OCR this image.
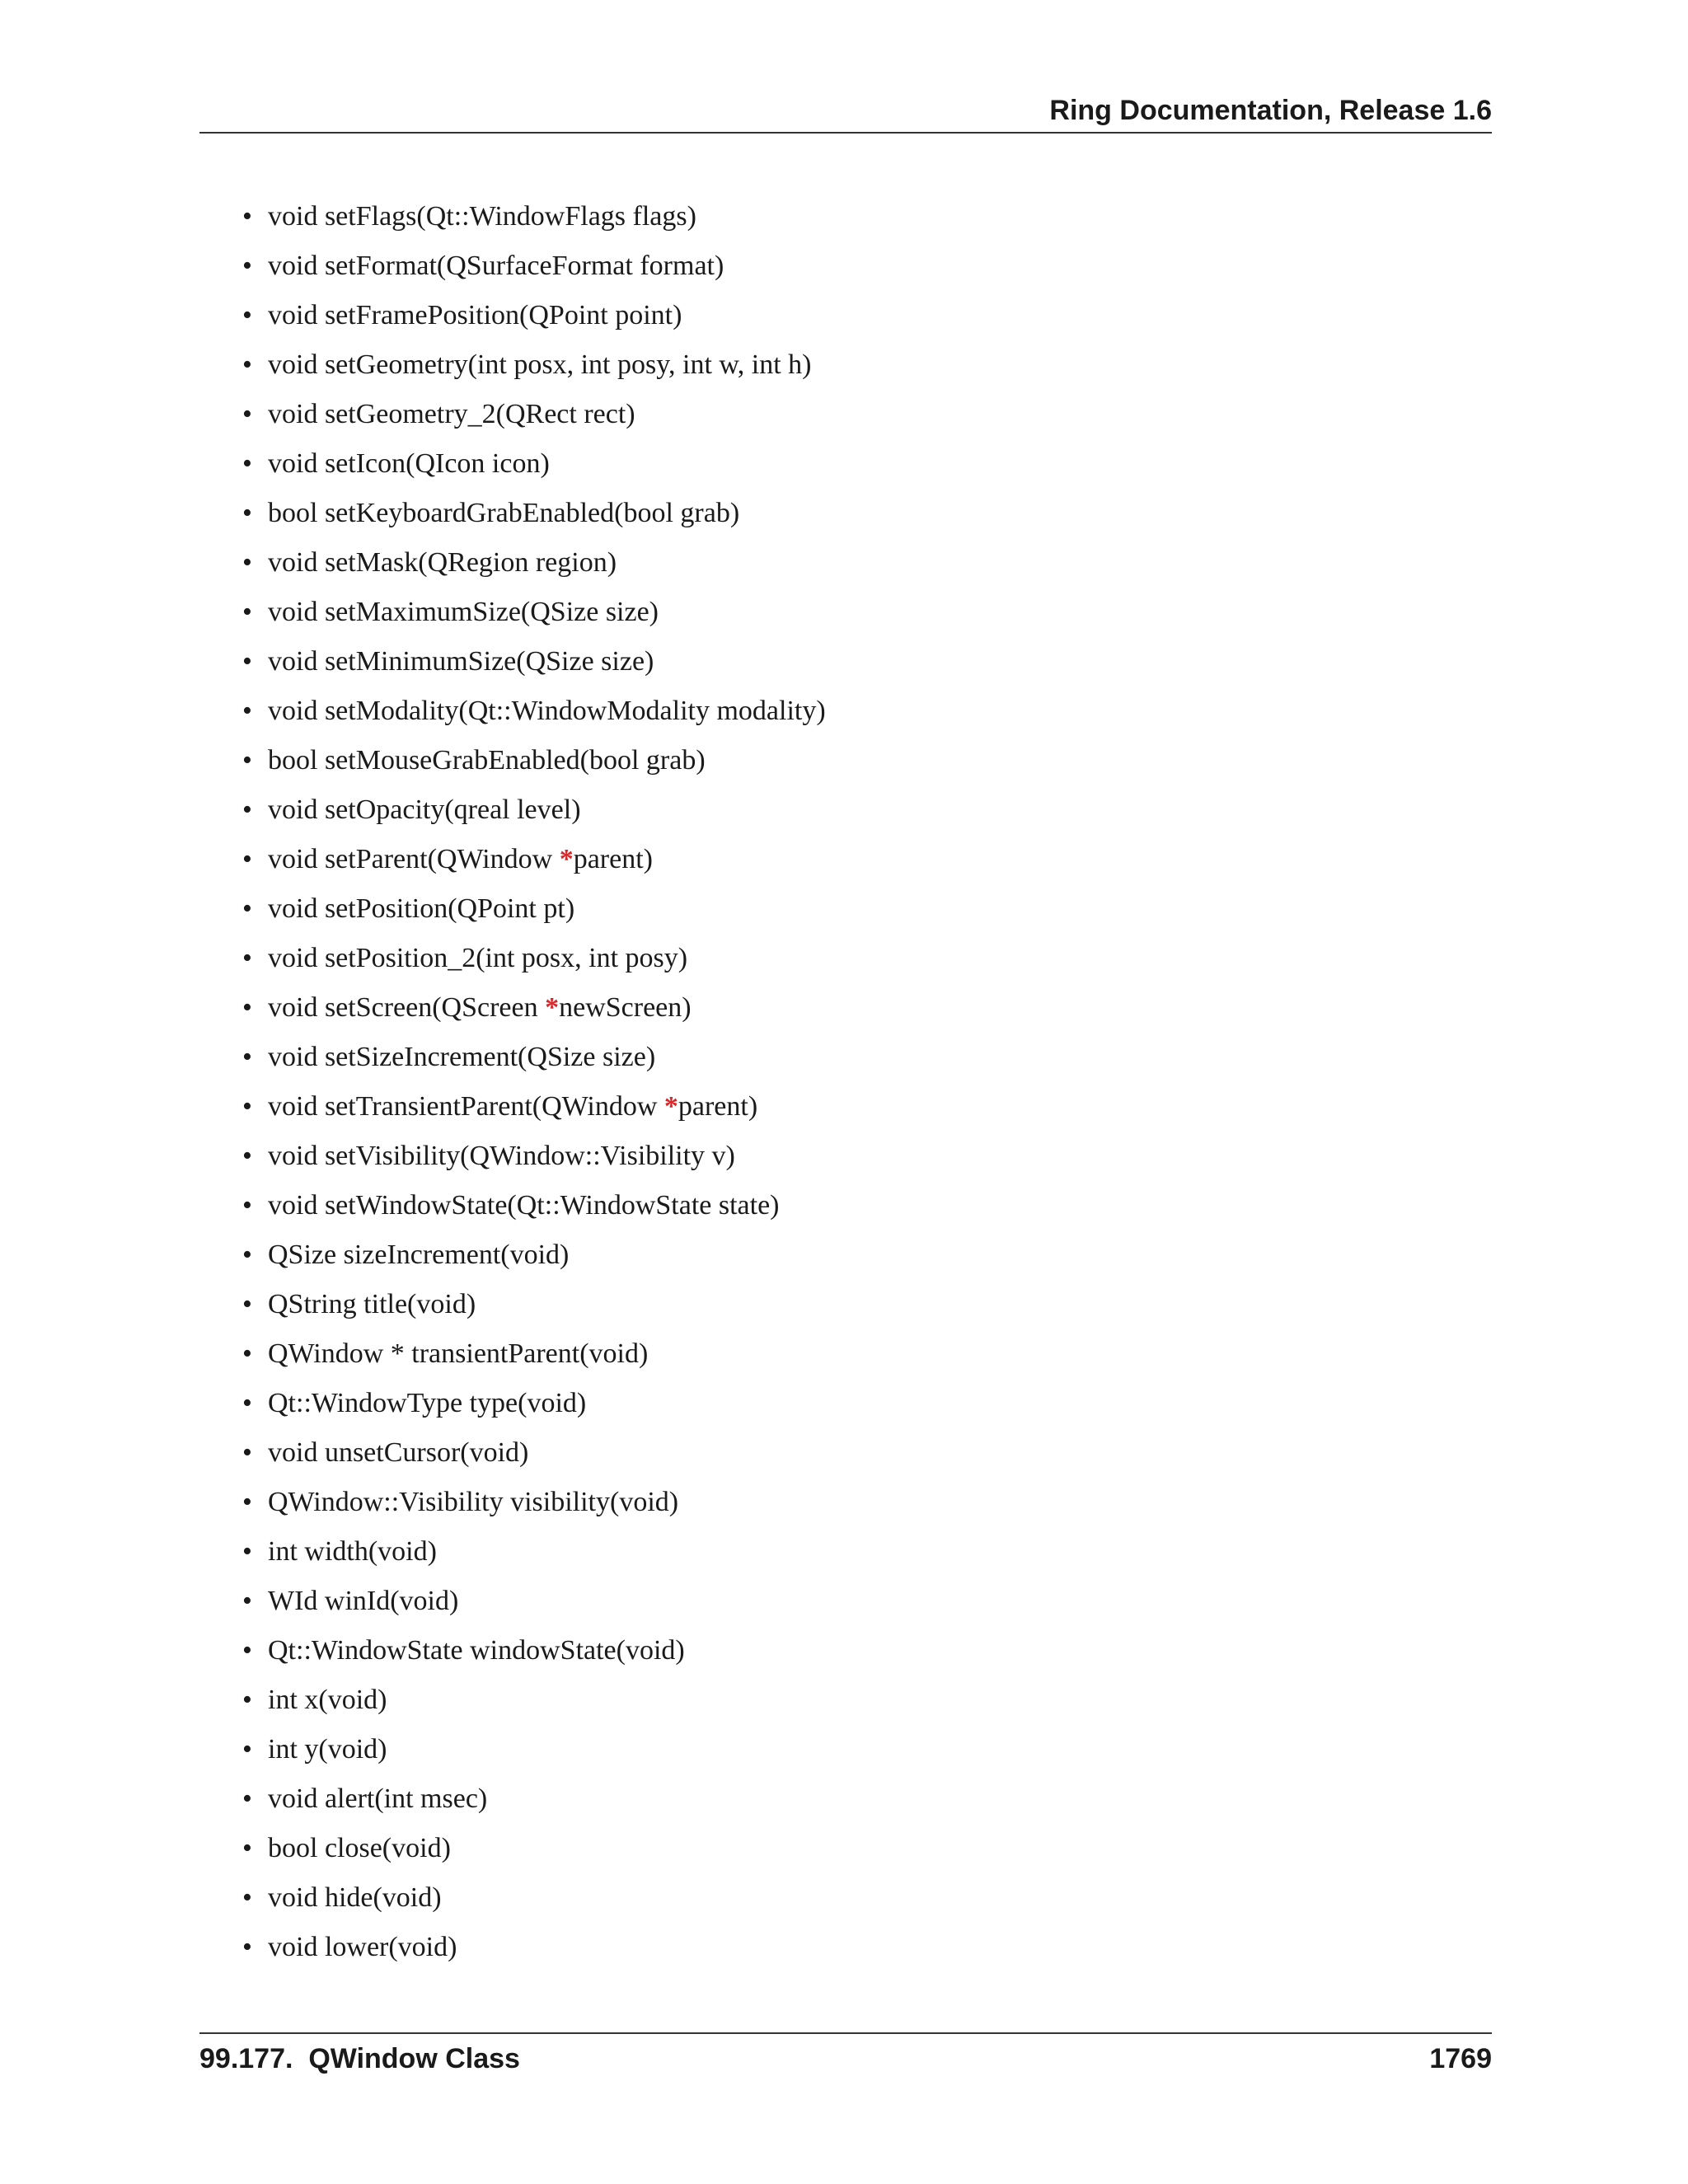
Ring Documentation, Release 1.6
• void setFlags(Qt::WindowFlags flags)
• void setFormat(QSurfaceFormat format)
• void setFramePosition(QPoint point)
• void setGeometry(int posx, int posy, int w, int h)
• void setGeometry_2(QRect rect)
• void setIcon(QIcon icon)
• bool setKeyboardGrabEnabled(bool grab)
• void setMask(QRegion region)
• void setMaximumSize(QSize size)
• void setMinimumSize(QSize size)
• void setModality(Qt::WindowModality modality)
• bool setMouseGrabEnabled(bool grab)
• void setOpacity(qreal level)
• void setParent(QWindow *parent)
• void setPosition(QPoint pt)
• void setPosition_2(int posx, int posy)
• void setScreen(QScreen *newScreen)
• void setSizeIncrement(QSize size)
• void setTransientParent(QWindow *parent)
• void setVisibility(QWindow::Visibility v)
• void setWindowState(Qt::WindowState state)
• QSize sizeIncrement(void)
• QString title(void)
• QWindow * transientParent(void)
• Qt::WindowType type(void)
• void unsetCursor(void)
• QWindow::Visibility visibility(void)
• int width(void)
• WId winId(void)
• Qt::WindowState windowState(void)
• int x(void)
• int y(void)
• void alert(int msec)
• bool close(void)
• void hide(void)
• void lower(void)
99.177.  QWindow Class	1769
